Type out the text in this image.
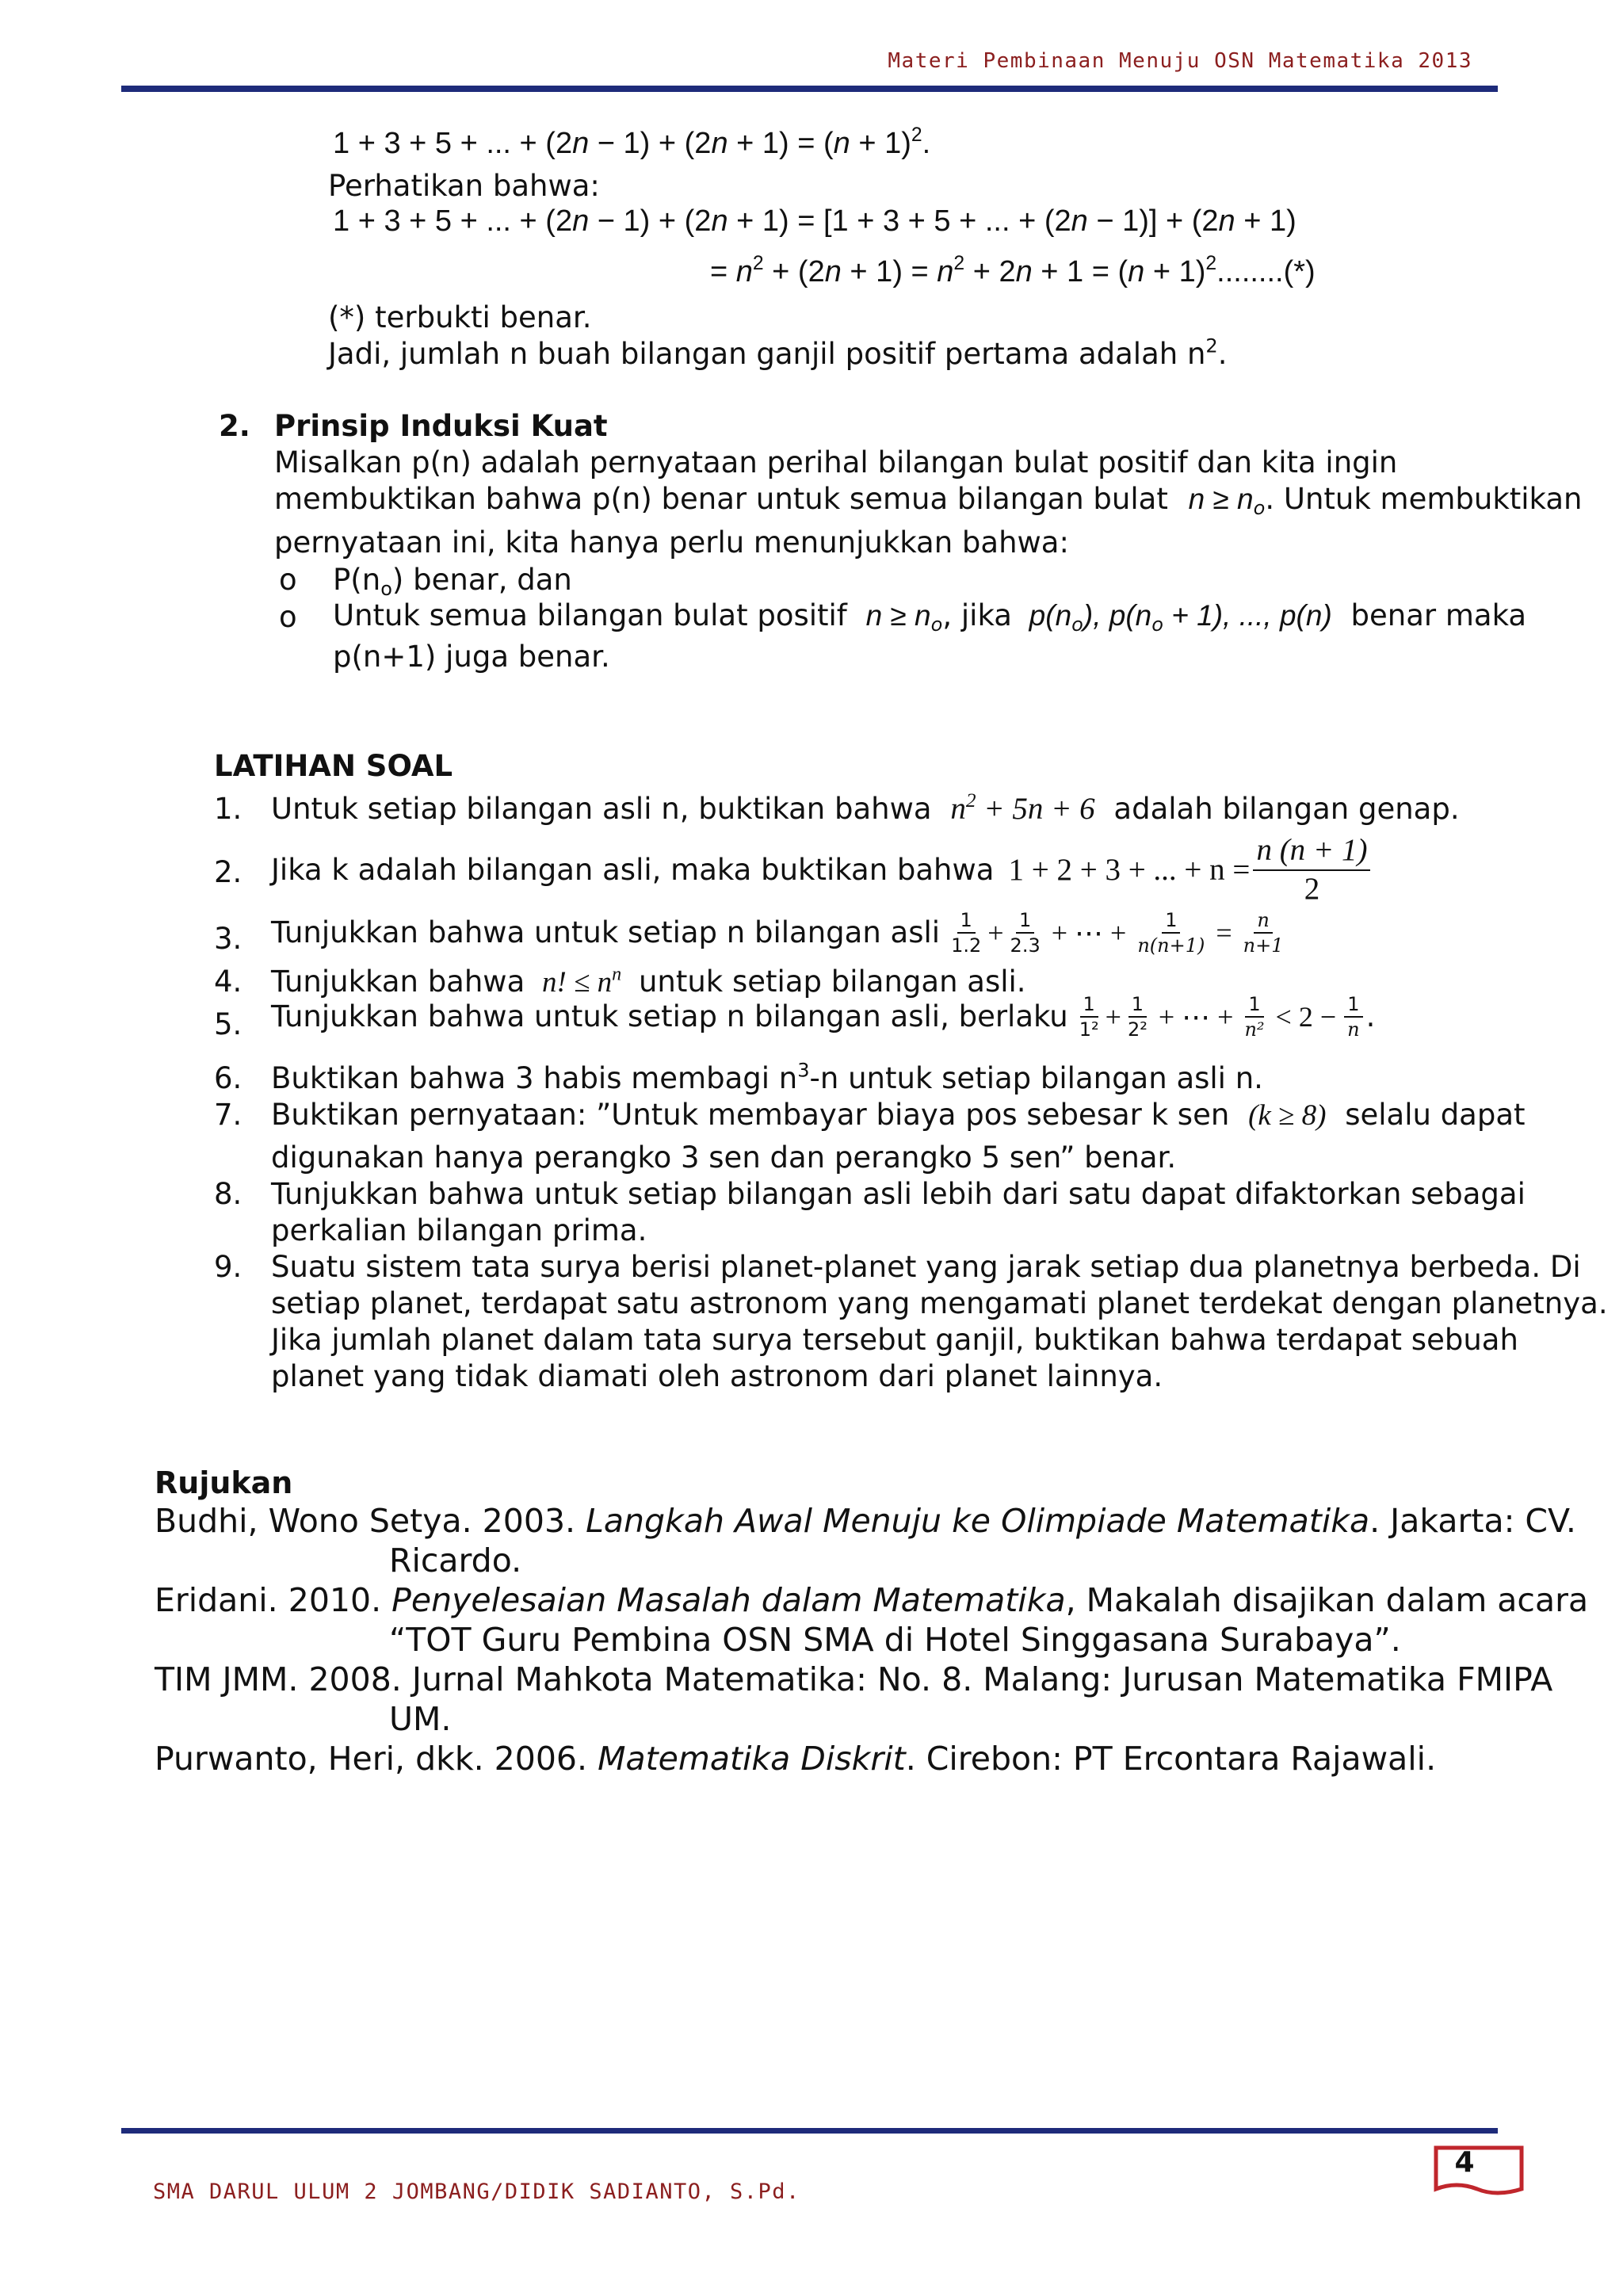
Materi Pembinaan Menuju OSN Matematika 2013
1 + 3 + 5 + ... + $(2n - 1) + (2n + 1) = (n + 1)^2$.
Perhatikan bahwa:
1 + 3 + 5 + ... + (2n − 1) + (2n + 1) = [1 + 3 + 5 + ... + (2n − 1)] + (2n + 1)
= $n^2 + (2n + 1) = n^2 + 2n + 1 = (n + 1)^2........(*)$
(*) terbukti benar.
Jadi, jumlah n buah bilangan ganjil positif pertama adalah $n^2$.
2. Prinsip Induksi Kuat
Misalkan p(n) adalah pernyataan perihal bilangan bulat positif dan kita ingin
membuktikan bahwa p(n) benar untuk semua bilangan bulat $n \ge n_o$. Untuk membuktikan
pernyataan ini, kita hanya perlu menunjukkan bahwa:
o $P(n_o)$ benar, dan
o Untuk semua bilangan bulat positif $n \ge n_o$, jika $p(n_o)$, $p(n_o + 1)$, ..., p(n) benar maka
p(n+1) juga benar.
LATIHAN SOAL
1. Untuk setiap bilangan asli n, buktikan bahwa $n^2 + 5n + 6$ adalah bilangan genap.
2. Jika k adalah bilangan asli, maka buktikan bahwa 1 + 2 + 3 + ... + $n = \frac{n (n + 1)}{2}$
3. Tunjukkan bahwa untuk setiap n bilangan asli $\frac{1}{1.2} + \frac{1}{2.3}$ + ⋯ + $\frac{1}{n(n+1)} = \frac{n}{n+1}$
4. Tunjukkan bahwa n! ≤ $n^n$ untuk setiap bilangan asli.
5. Tunjukkan bahwa untuk setiap n bilangan asli, berlaku $\frac{1}{\text{1²}} + \frac{1}{\text{2²}}$ + ⋯ + $\frac{1}{\text{n²}} < 2 - \frac{1}{n}$ .
6. Buktikan bahwa 3 habis membagi $n^3-n$ untuk setiap bilangan asli n.
7. Buktikan pernyataan: ”Untuk membayar biaya pos sebesar k sen (k ≥ 8) selalu dapat
digunakan hanya perangko 3 sen dan perangko 5 sen” benar.
8. Tunjukkan bahwa untuk setiap bilangan asli lebih dari satu dapat difaktorkan sebagai
perkalian bilangan prima.
9. Suatu sistem tata surya berisi planet-planet yang jarak setiap dua planetnya berbeda. Di
setiap planet, terdapat satu astronom yang mengamati planet terdekat dengan planetnya.
Jika jumlah planet dalam tata surya tersebut ganjil, buktikan bahwa terdapat sebuah
planet yang tidak diamati oleh astronom dari planet lainnya.
Rujukan
Budhi, Wono Setya. 2003. Langkah Awal Menuju ke Olimpiade Matematika. Jakarta: CV.
Ricardo.
Eridani. 2010. Penyelesaian Masalah dalam Matematika, Makalah disajikan dalam acara
“TOT Guru Pembina OSN SMA di Hotel Singgasana Surabaya”.
TIM JMM. 2008. Jurnal Mahkota Matematika: No. 8. Malang: Jurusan Matematika FMIPA
UM.
Purwanto, Heri, dkk. 2006. Matematika Diskrit. Cirebon: PT Ercontara Rajawali.
4
SMA DARUL ULUM 2 JOMBANG/DIDIK SADIANTO, S.Pd.
